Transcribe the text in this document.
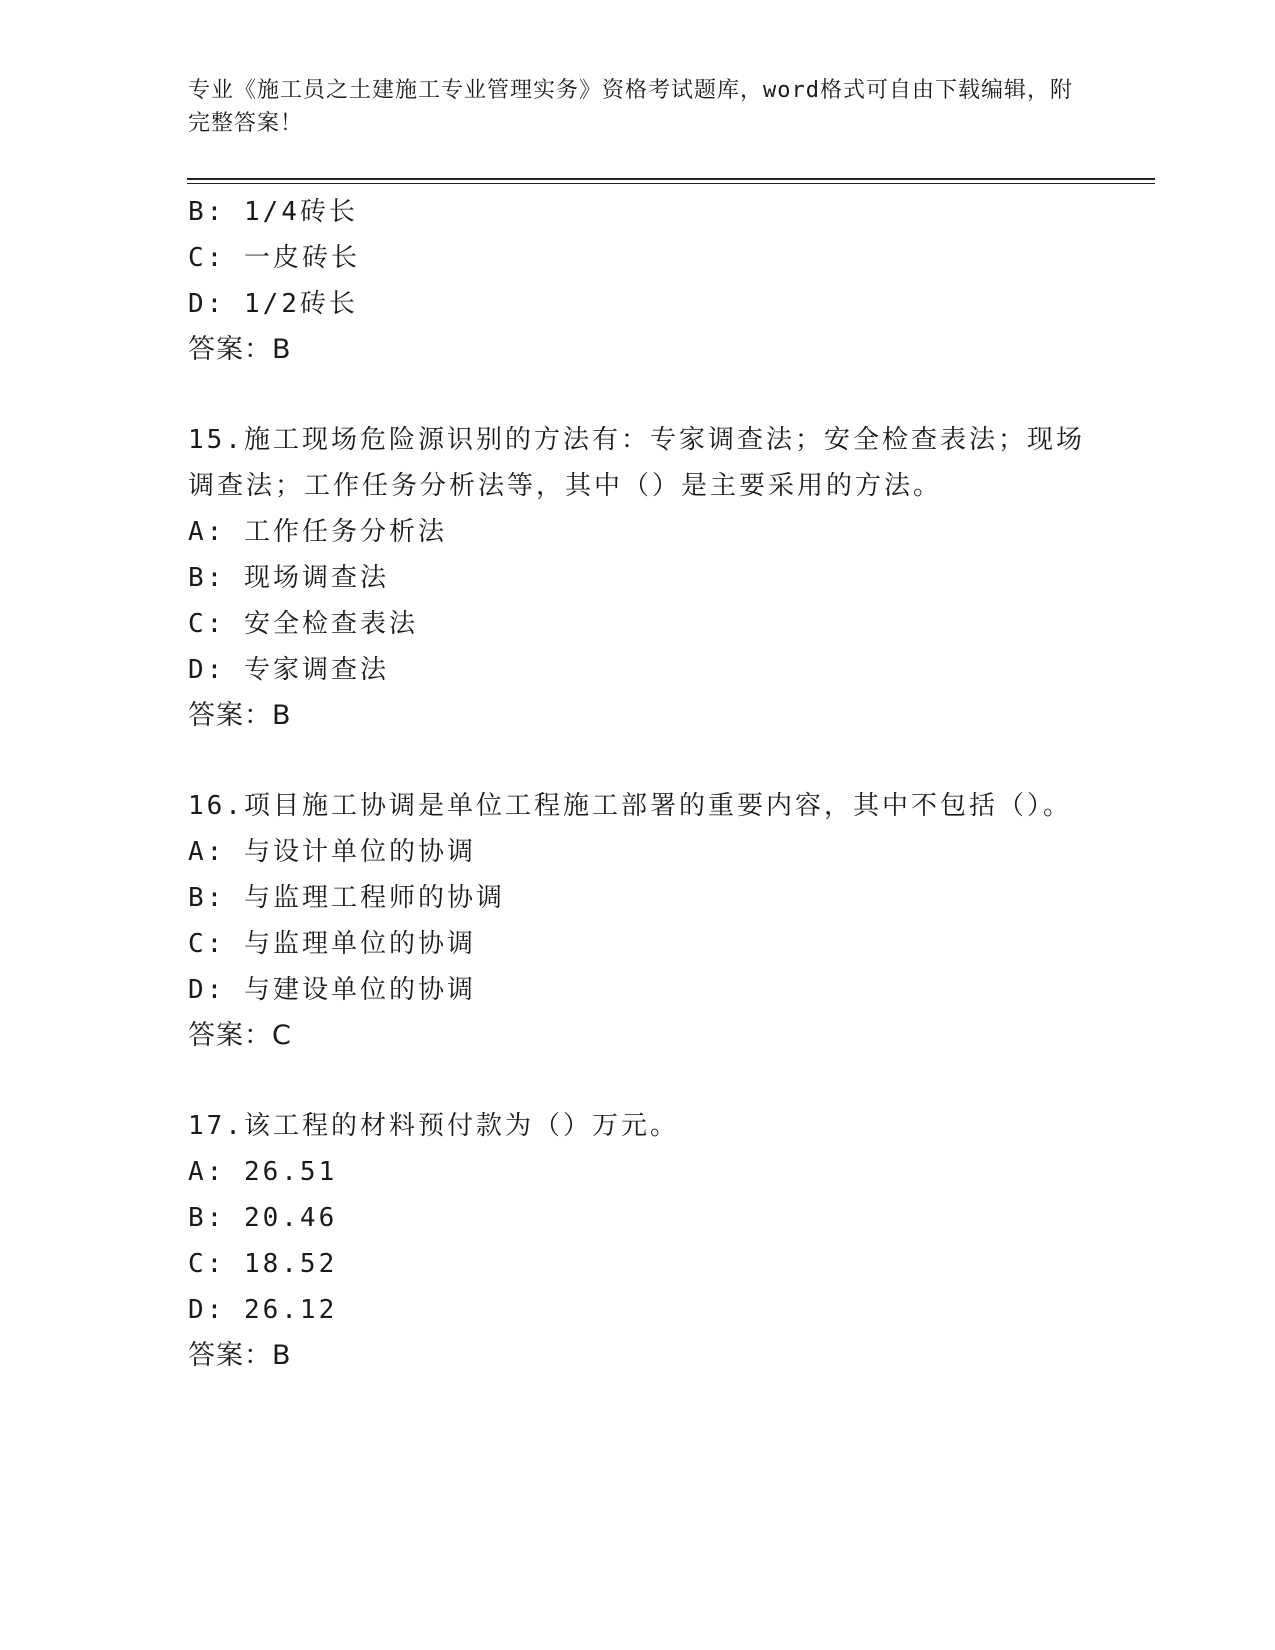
专业《施工员之土建施工专业管理实务》资格考试题库，word格式可自由下载编辑，附完整答案！
B: 1/4砖长
C: 一皮砖长
D: 1/2砖长
答案：B
15.施工现场危险源识别的方法有：专家调查法；安全检查表法；现场调查法；工作任务分析法等，其中（）是主要采用的方法。
A: 工作任务分析法
B: 现场调查法
C: 安全检查表法
D: 专家调查法
答案：B
16.项目施工协调是单位工程施工部署的重要内容，其中不包括（）。
A: 与设计单位的协调
B: 与监理工程师的协调
C: 与监理单位的协调
D: 与建设单位的协调
答案：C
17.该工程的材料预付款为（）万元。
A: 26.51
B: 20.46
C: 18.52
D: 26.12
答案：B
